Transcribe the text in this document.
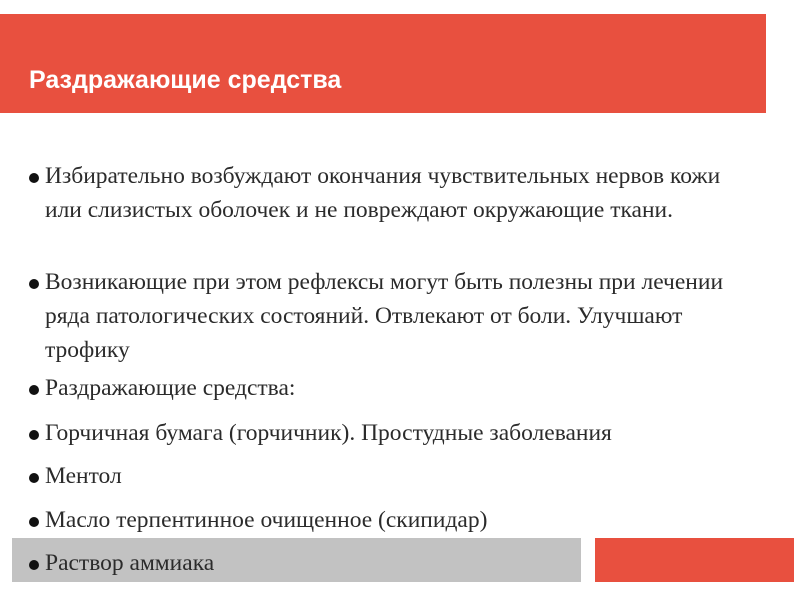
Раздражающие средства
Избирательно возбуждают окончания чувствительных нервов кожи или слизистых оболочек и не повреждают окружающие ткани.
Возникающие при этом рефлексы могут быть полезны при лечении ряда патологических состояний. Отвлекают от боли. Улучшают трофику
Раздражающие средства:
Горчичная бумага (горчичник). Простудные заболевания
Ментол
Масло терпентинное очищенное (скипидар)
Раствор аммиака
